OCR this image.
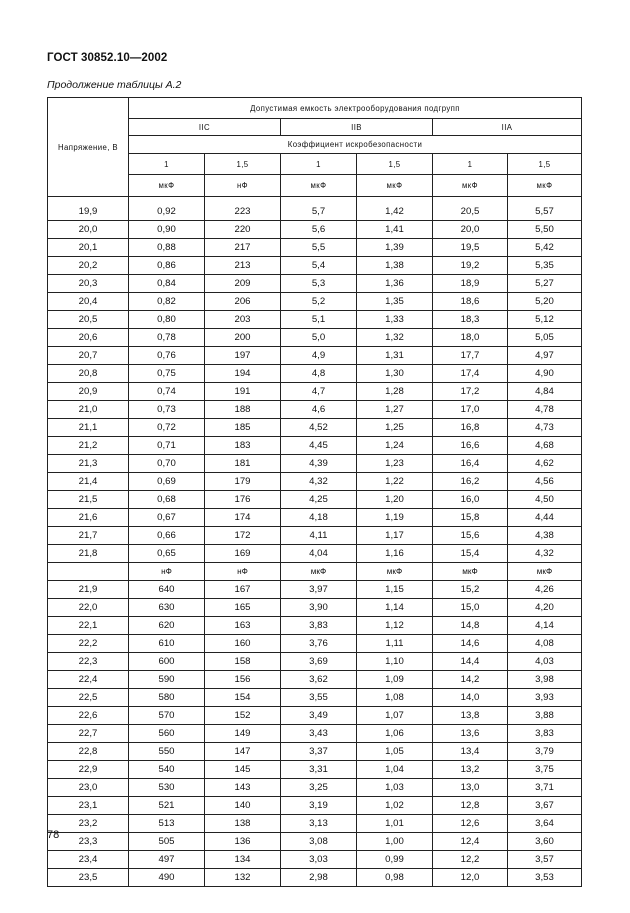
ГОСТ 30852.10—2002
Продолжение таблицы А.2
Напряжение, В	Допустимая емкость электрооборудования подгрупп					
	IIC		IIB		IIA	
	Коэффициент искробезопасности					
	1	1,5	1	1,5	1	1,5
	мкФ	нФ	мкФ	мкФ	мкФ	мкФ

19,9	0,92	223	5,7	1,42	20,5	5,57
20,0	0,90	220	5,6	1,41	20,0	5,50
20,1	0,88	217	5,5	1,39	19,5	5,42
20,2	0,86	213	5,4	1,38	19,2	5,35
20,3	0,84	209	5,3	1,36	18,9	5,27
20,4	0,82	206	5,2	1,35	18,6	5,20
20,5	0,80	203	5,1	1,33	18,3	5,12
20,6	0,78	200	5,0	1,32	18,0	5,05
20,7	0,76	197	4,9	1,31	17,7	4,97
20,8	0,75	194	4,8	1,30	17,4	4,90
20,9	0,74	191	4,7	1,28	17,2	4,84
21,0	0,73	188	4,6	1,27	17,0	4,78
21,1	0,72	185	4,52	1,25	16,8	4,73
21,2	0,71	183	4,45	1,24	16,6	4,68
21,3	0,70	181	4,39	1,23	16,4	4,62
21,4	0,69	179	4,32	1,22	16,2	4,56
21,5	0,68	176	4,25	1,20	16,0	4,50
21,6	0,67	174	4,18	1,19	15,8	4,44
21,7	0,66	172	4,11	1,17	15,6	4,38
21,8	0,65	169	4,04	1,16	15,4	4,32
	нФ	нФ	мкФ	мкФ	мкФ	мкФ
21,9	640	167	3,97	1,15	15,2	4,26
22,0	630	165	3,90	1,14	15,0	4,20
22,1	620	163	3,83	1,12	14,8	4,14
22,2	610	160	3,76	1,11	14,6	4,08
22,3	600	158	3,69	1,10	14,4	4,03
22,4	590	156	3,62	1,09	14,2	3,98
22,5	580	154	3,55	1,08	14,0	3,93
22,6	570	152	3,49	1,07	13,8	3,88
22,7	560	149	3,43	1,06	13,6	3,83
22,8	550	147	3,37	1,05	13,4	3,79
22,9	540	145	3,31	1,04	13,2	3,75
23,0	530	143	3,25	1,03	13,0	3,71
23,1	521	140	3,19	1,02	12,8	3,67
23,2	513	138	3,13	1,01	12,6	3,64
23,3	505	136	3,08	1,00	12,4	3,60
23,4	497	134	3,03	0,99	12,2	3,57
23,5	490	132	2,98	0,98	12,0	3,53
78
